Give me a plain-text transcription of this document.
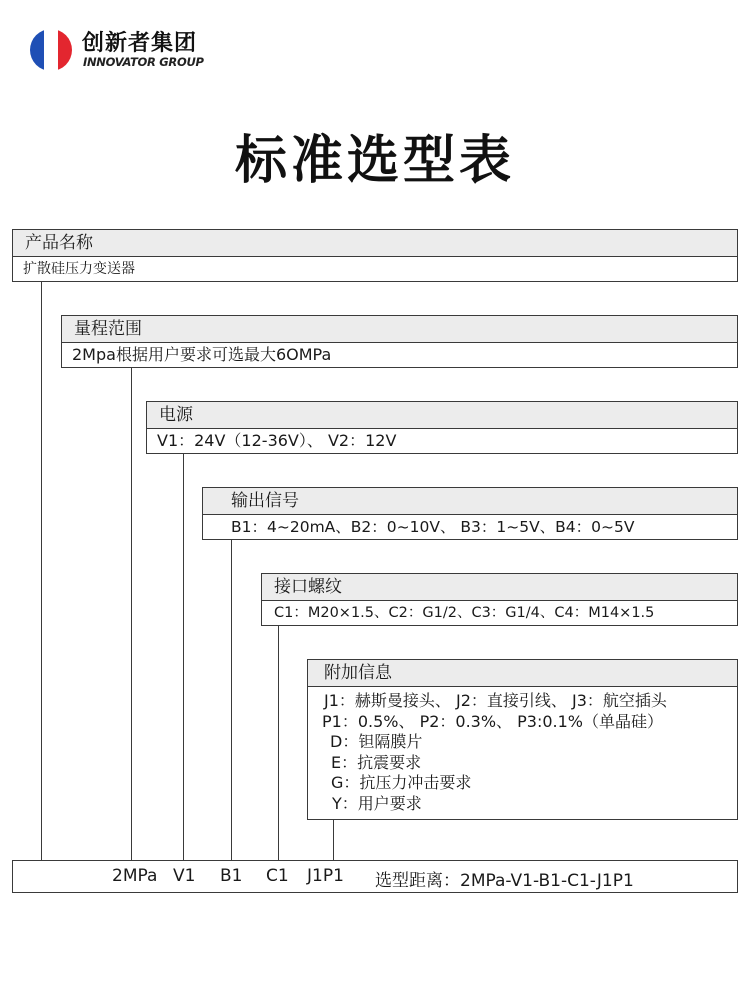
创新者集团
INNOVATOR GROUP
标准选型表
产品名称
扩散硅压力变送器
量程范围
2Mpa根据用户要求可选最大6OMPa
电源
V1：24V（12-36V）、 V2：12V
输出信号
B1：4~20mA、B2：0~10V、 B3：1~5V、B4：0~5V
接口螺纹
C1：M20×1.5、C2：G1/2、C3：G1/4、C4：M14×1.5
附加信息
J1：赫斯曼接头、 J2：直接引线、 J3：航空插头
P1：0.5%、 P2：0.3%、 P3:0.1%（单晶硅）
D：钽隔膜片
E：抗震要求
G：抗压力冲击要求
Y：用户要求
2MPa V1 B1 C1 J1P1 选型距离：2MPa-V1-B1-C1-J1P1
